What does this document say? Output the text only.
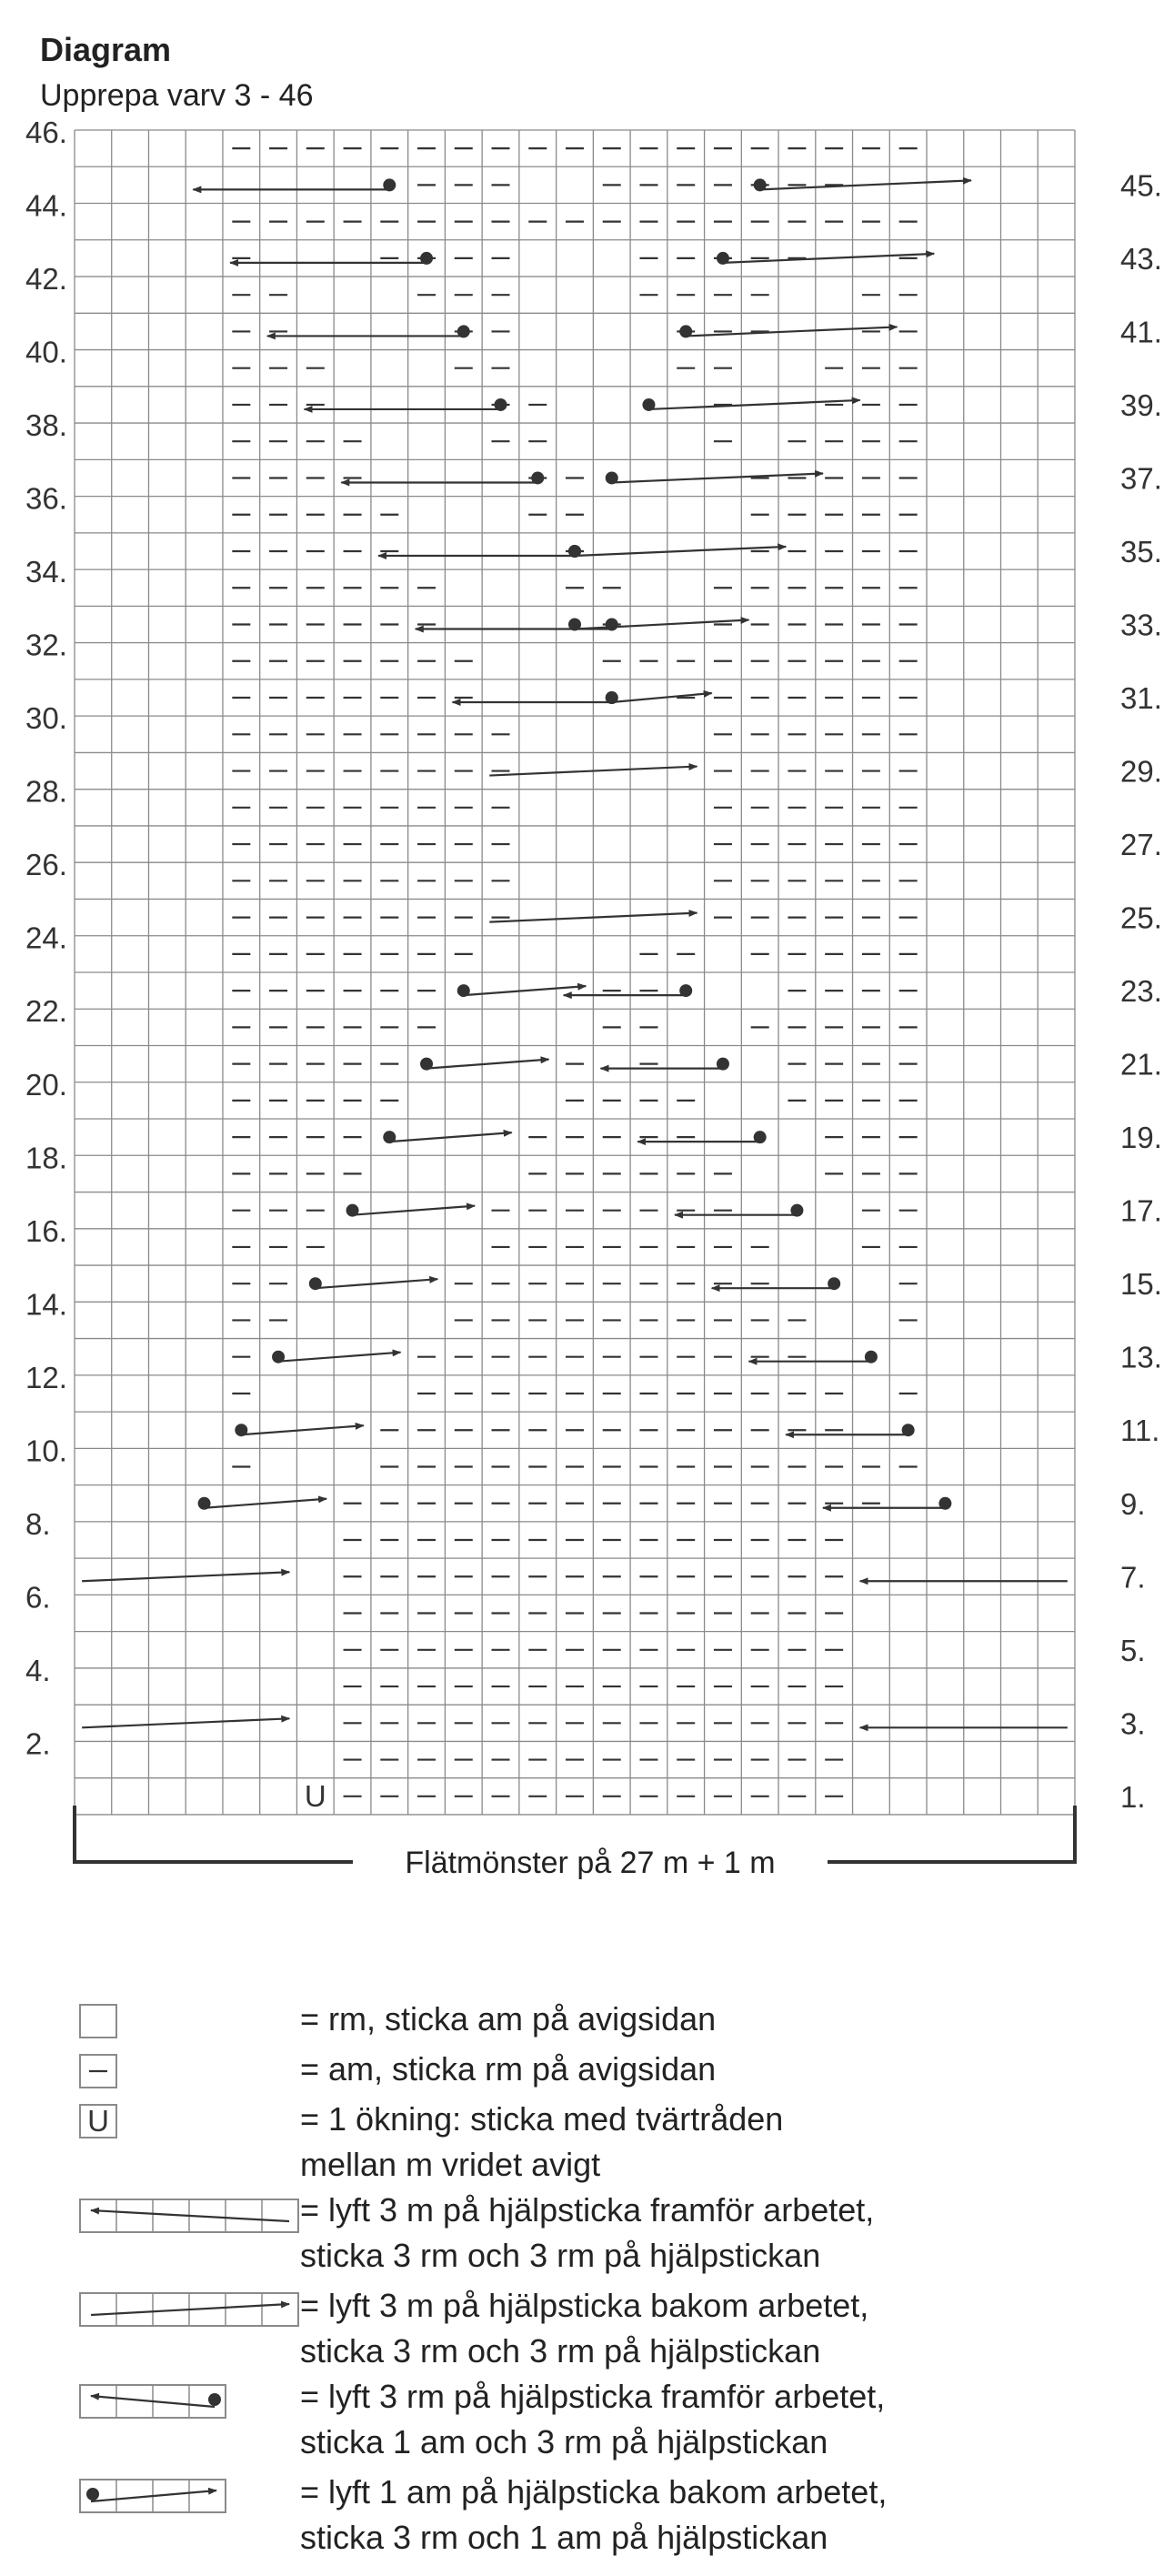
Diagram
Upprepa varv 3 - 46
U
45.
43.
41.
39.
37.
35.
33.
31.
29.
27.
25.
23.
21.
19.
17.
15.
13.
11.
9.
7.
5.
3.
1.
46.
44.
42.
40.
38.
36.
34.
32.
30.
28.
26.
24.
22.
20.
18.
16.
14.
12.
10.
8.
6.
4.
2.
Flätmönster på 27 m + 1 m
U
= rm, sticka am på avigsidan
= am, sticka rm på avigsidan
= 1 ökning: sticka med tvärtråden
mellan m vridet avigt
= lyft 3 m på hjälpsticka framför arbetet,
sticka 3 rm och 3 rm på hjälpstickan
= lyft 3 m på hjälpsticka bakom arbetet,
sticka 3 rm och 3 rm på hjälpstickan
= lyft 3 rm på hjälpsticka framför arbetet,
sticka 1 am och 3 rm på hjälpstickan
= lyft 1 am på hjälpsticka bakom arbetet,
sticka 3 rm och 1 am på hjälpstickan
